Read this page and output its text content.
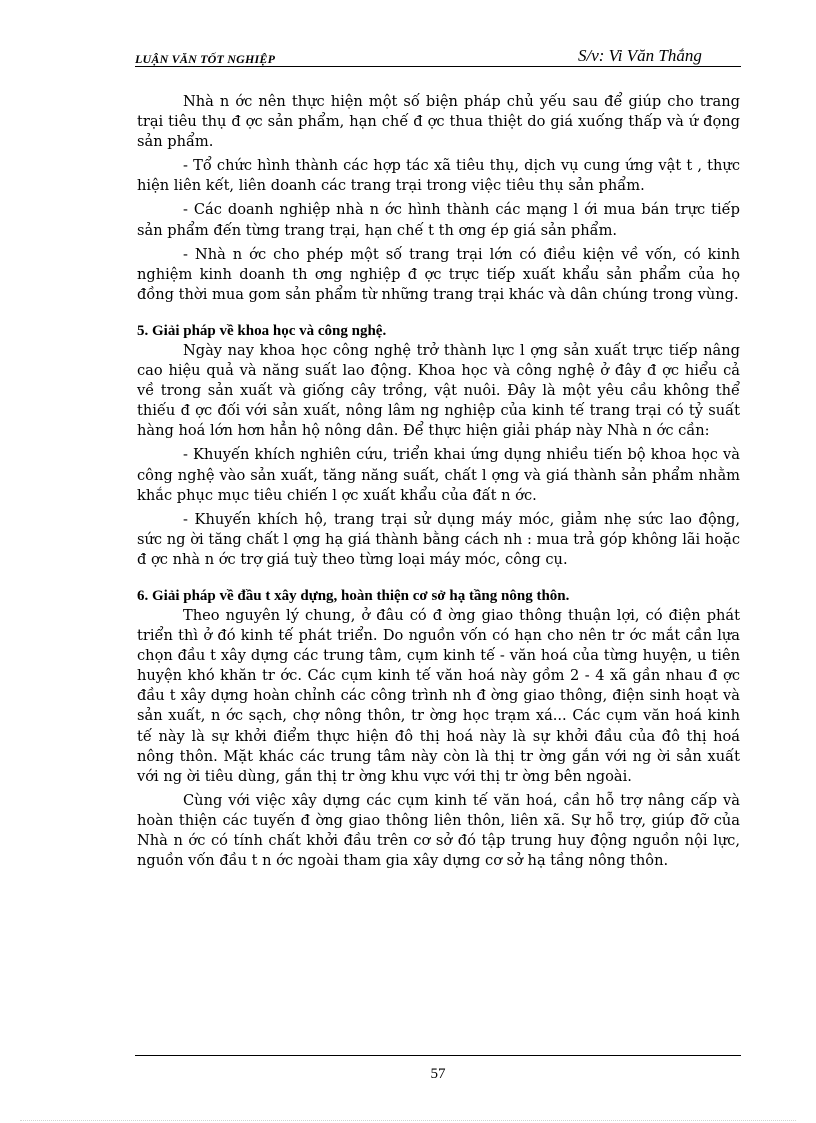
LUẬN VĂN TỐT NGHIỆP	S/v: Vi Văn Thắng

Nhà n ớc nên thực hiện một số biện pháp chủ yếu sau để giúp cho trang trại tiêu thụ đ ợc sản phẩm, hạn chế đ ợc thua thiệt do giá xuống thấp và ứ đọng sản phẩm.

- Tổ chức hình thành các hợp tác xã tiêu thụ, dịch vụ cung ứng vật t , thực hiện liên kết, liên doanh các trang trại trong việc tiêu thụ sản phẩm.

- Các doanh nghiệp nhà n ớc hình thành các mạng l ới mua bán trực tiếp sản phẩm đến từng trang trại, hạn chế t th ơng ép giá sản phẩm.

- Nhà n ớc cho phép một số trang trại lớn có điều kiện về vốn, có kinh nghiệm kinh doanh th ơng nghiệp đ ợc trực tiếp xuất khẩu sản phẩm của họ đồng thời mua gom sản phẩm từ những trang trại khác và dân chúng trong vùng.

5. Giải pháp về khoa học và công nghệ.

Ngày nay khoa học công nghệ trở thành lực l ợng sản xuất trực tiếp nâng cao hiệu quả và năng suất lao động. Khoa học và công nghệ ở đây đ ợc hiểu cả về trong sản xuất và giống cây trồng, vật nuôi. Đây là một yêu cầu không thể thiếu đ ợc đối với sản xuất, nông lâm ng nghiệp của kinh tế trang trại có tỷ suất hàng hoá lớn hơn hẳn hộ nông dân. Để thực hiện giải pháp này Nhà n ớc cần:

- Khuyến khích nghiên cứu, triển khai ứng dụng nhiều tiến bộ khoa học và công nghệ vào sản xuất, tăng năng suất, chất l ợng và giá thành sản phẩm nhằm khắc phục mục tiêu chiến l ợc xuất khẩu của đất n ớc.

- Khuyến khích hộ, trang trại sử dụng máy móc, giảm nhẹ sức lao động, sức ng ời tăng chất l ợng hạ giá thành bằng cách nh : mua trả góp không lãi hoặc đ ợc nhà n ớc trợ giá tuỳ theo từng loại máy móc, công cụ.

6. Giải pháp về đầu t xây dựng, hoàn thiện cơ sở hạ tầng nông thôn.

Theo nguyên lý chung, ở đâu có đ ờng giao thông thuận lợi, có điện phát triển thì ở đó kinh tế phát triển. Do nguồn vốn có hạn cho nên tr ớc mắt cần lựa chọn đầu t xây dựng các trung tâm, cụm kinh tế - văn hoá của từng huyện, u tiên huyện khó khăn tr ớc. Các cụm kinh tế văn hoá này gồm 2 - 4 xã gần nhau đ ợc đầu t xây dựng hoàn chỉnh các công trình nh đ ờng giao thông, điện sinh hoạt và sản xuất, n ớc sạch, chợ nông thôn, tr ờng học trạm xá... Các cụm văn hoá kinh tế này là sự khởi điểm thực hiện đô thị hoá này là sự khởi đầu của đô thị hoá nông thôn. Mặt khác các trung tâm này còn là thị tr ờng gắn với ng ời sản xuất với ng ời tiêu dùng, gắn thị tr ờng khu vực với thị tr ờng bên ngoài.

Cùng với việc xây dựng các cụm kinh tế văn hoá, cần hỗ trợ nâng cấp và hoàn thiện các tuyến đ ờng giao thông liên thôn, liên xã. Sự hỗ trợ, giúp đỡ của Nhà n ớc có tính chất khởi đầu trên cơ sở đó tập trung huy động nguồn nội lực, nguồn vốn đầu t n ớc ngoài tham gia xây dựng cơ sở hạ tầng nông thôn.

57
